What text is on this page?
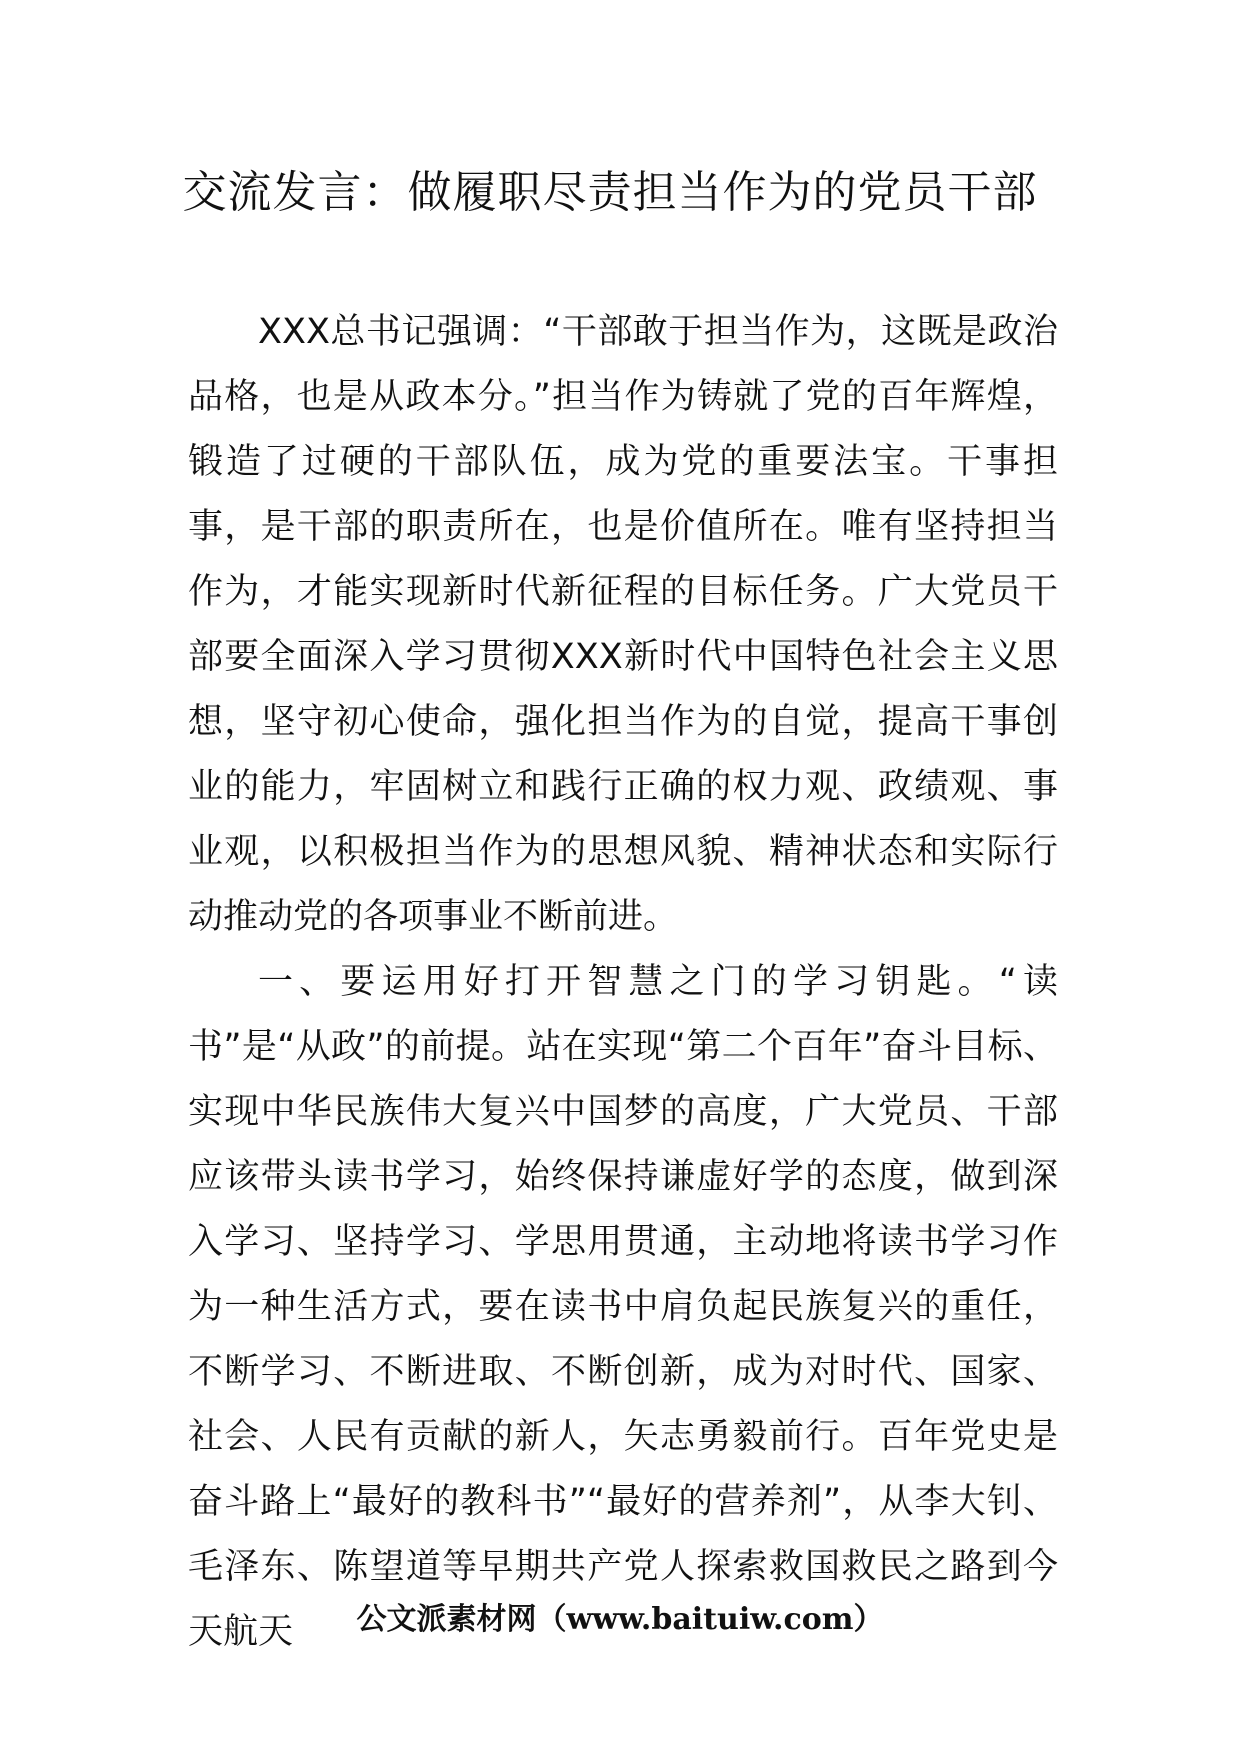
交流发言：做履职尽责担当作为的党员干部

XXX总书记强调：“干部敢于担当作为，这既是政治品格，也是从政本分。”担当作为铸就了党的百年辉煌，锻造了过硬的干部队伍，成为党的重要法宝。干事担事，是干部的职责所在，也是价值所在。唯有坚持担当作为，才能实现新时代新征程的目标任务。广大党员干部要全面深入学习贯彻XXX新时代中国特色社会主义思想，坚守初心使命，强化担当作为的自觉，提高干事创业的能力，牢固树立和践行正确的权力观、政绩观、事业观，以积极担当作为的思想风貌、精神状态和实际行动推动党的各项事业不断前进。

一、要运用好打开智慧之门的学习钥匙。“读书”是“从政”的前提。站在实现“第二个百年”奋斗目标、实现中华民族伟大复兴中国梦的高度，广大党员、干部应该带头读书学习，始终保持谦虚好学的态度，做到深入学习、坚持学习、学思用贯通，主动地将读书学习作为一种生活方式，要在读书中肩负起民族复兴的重任，不断学习、不断进取、不断创新，成为对时代、国家、社会、人民有贡献的新人，矢志勇毅前行。百年党史是奋斗路上“最好的教科书”“最好的营养剂”，从李大钊、毛泽东、陈望道等早期共产党人探索救国救民之路到今天航天	公文派素材网（www.baituiw.com）
